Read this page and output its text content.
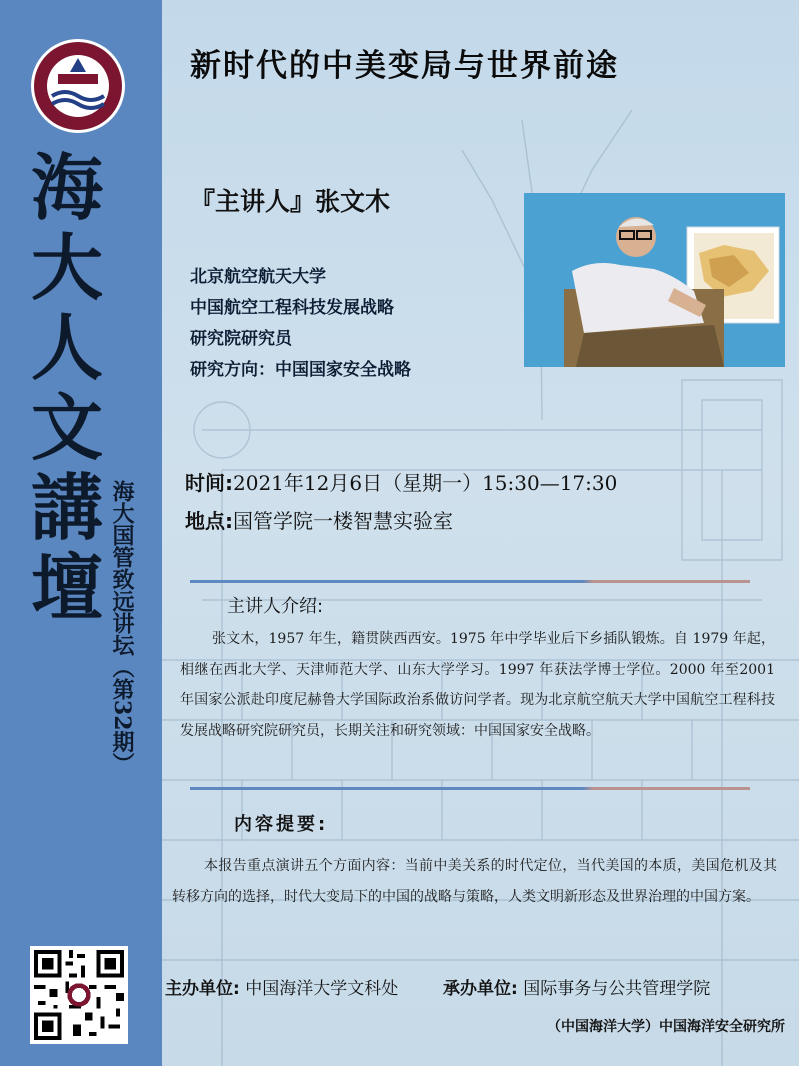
海
大
人
文
講
壇 海大国管致远讲坛（第32期）
新时代的中美变局与世界前途
『主讲人』张文木
北京航空航天大学
中国航空工程科技发展战略
研究院研究员
研究方向：中国国家安全战略
时间:2021年12月6日（星期一）15:30—17:30
地点:国管学院一楼智慧实验室
主讲人介绍:
张文木，1957 年生，籍贯陕西西安。1975 年中学毕业后下乡插队锻炼。自 1979 年起，相继在西北大学、天津师范大学、山东大学学习。1997 年获法学博士学位。2000 年至2001 年国家公派赴印度尼赫鲁大学国际政治系做访问学者。现为北京航空航天大学中国航空工程科技发展战略研究院研究员，长期关注和研究领域：中国国家安全战略。
内容提要:
本报告重点演讲五个方面内容：当前中美关系的时代定位，当代美国的本质，美国危机及其转移方向的选择，时代大变局下的中国的战略与策略，人类文明新形态及世界治理的中国方案。
主办单位: 中国海洋大学文科处	承办单位: 国际事务与公共管理学院
（中国海洋大学）中国海洋安全研究所
